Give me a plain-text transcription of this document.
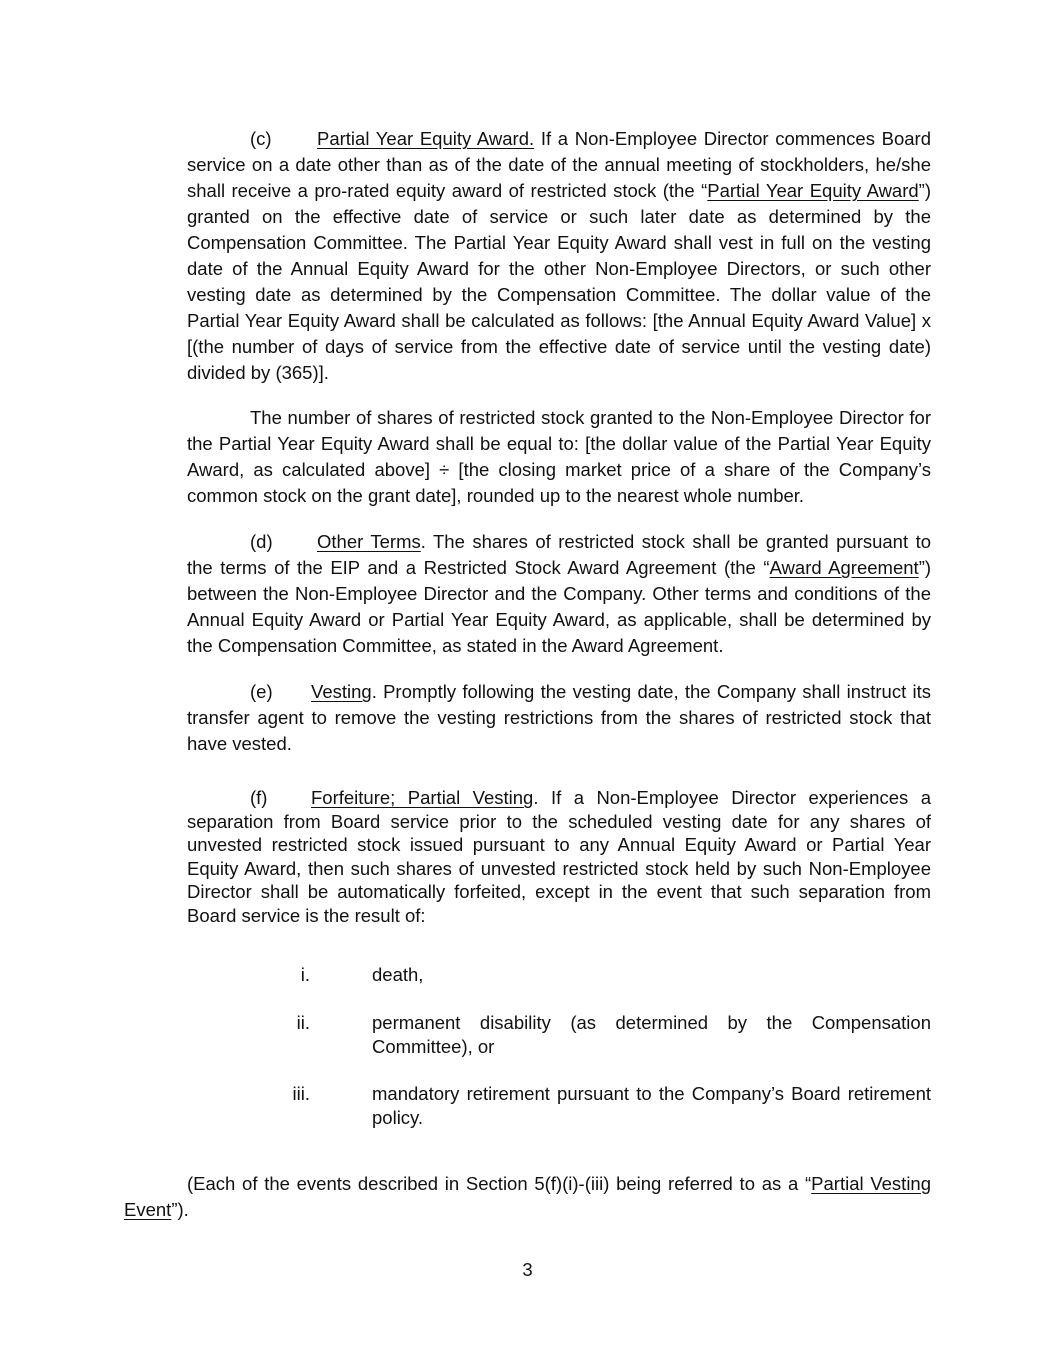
(c) Partial Year Equity Award. If a Non-Employee Director commences Board service on a date other than as of the date of the annual meeting of stockholders, he/she shall receive a pro-rated equity award of restricted stock (the “Partial Year Equity Award”) granted on the effective date of service or such later date as determined by the Compensation Committee. The Partial Year Equity Award shall vest in full on the vesting date of the Annual Equity Award for the other Non-Employee Directors, or such other vesting date as determined by the Compensation Committee. The dollar value of the Partial Year Equity Award shall be calculated as follows: [the Annual Equity Award Value] x [(the number of days of service from the effective date of service until the vesting date) divided by (365)].

The number of shares of restricted stock granted to the Non-Employee Director for the Partial Year Equity Award shall be equal to: [the dollar value of the Partial Year Equity Award, as calculated above] ÷ [the closing market price of a share of the Company’s common stock on the grant date], rounded up to the nearest whole number.

(d) Other Terms. The shares of restricted stock shall be granted pursuant to the terms of the EIP and a Restricted Stock Award Agreement (the “Award Agreement”) between the Non-Employee Director and the Company. Other terms and conditions of the Annual Equity Award or Partial Year Equity Award, as applicable, shall be determined by the Compensation Committee, as stated in the Award Agreement.

(e) Vesting. Promptly following the vesting date, the Company shall instruct its transfer agent to remove the vesting restrictions from the shares of restricted stock that have vested.

(f) Forfeiture; Partial Vesting. If a Non-Employee Director experiences a separation from Board service prior to the scheduled vesting date for any shares of unvested restricted stock issued pursuant to any Annual Equity Award or Partial Year Equity Award, then such shares of unvested restricted stock held by such Non-Employee Director shall be automatically forfeited, except in the event that such separation from Board service is the result of:

i.	death,
ii.	permanent disability (as determined by the Compensation Committee), or
iii.	mandatory retirement pursuant to the Company’s Board retirement policy.

(Each of the events described in Section 5(f)(i)-(iii) being referred to as a “Partial Vesting Event”).

3
